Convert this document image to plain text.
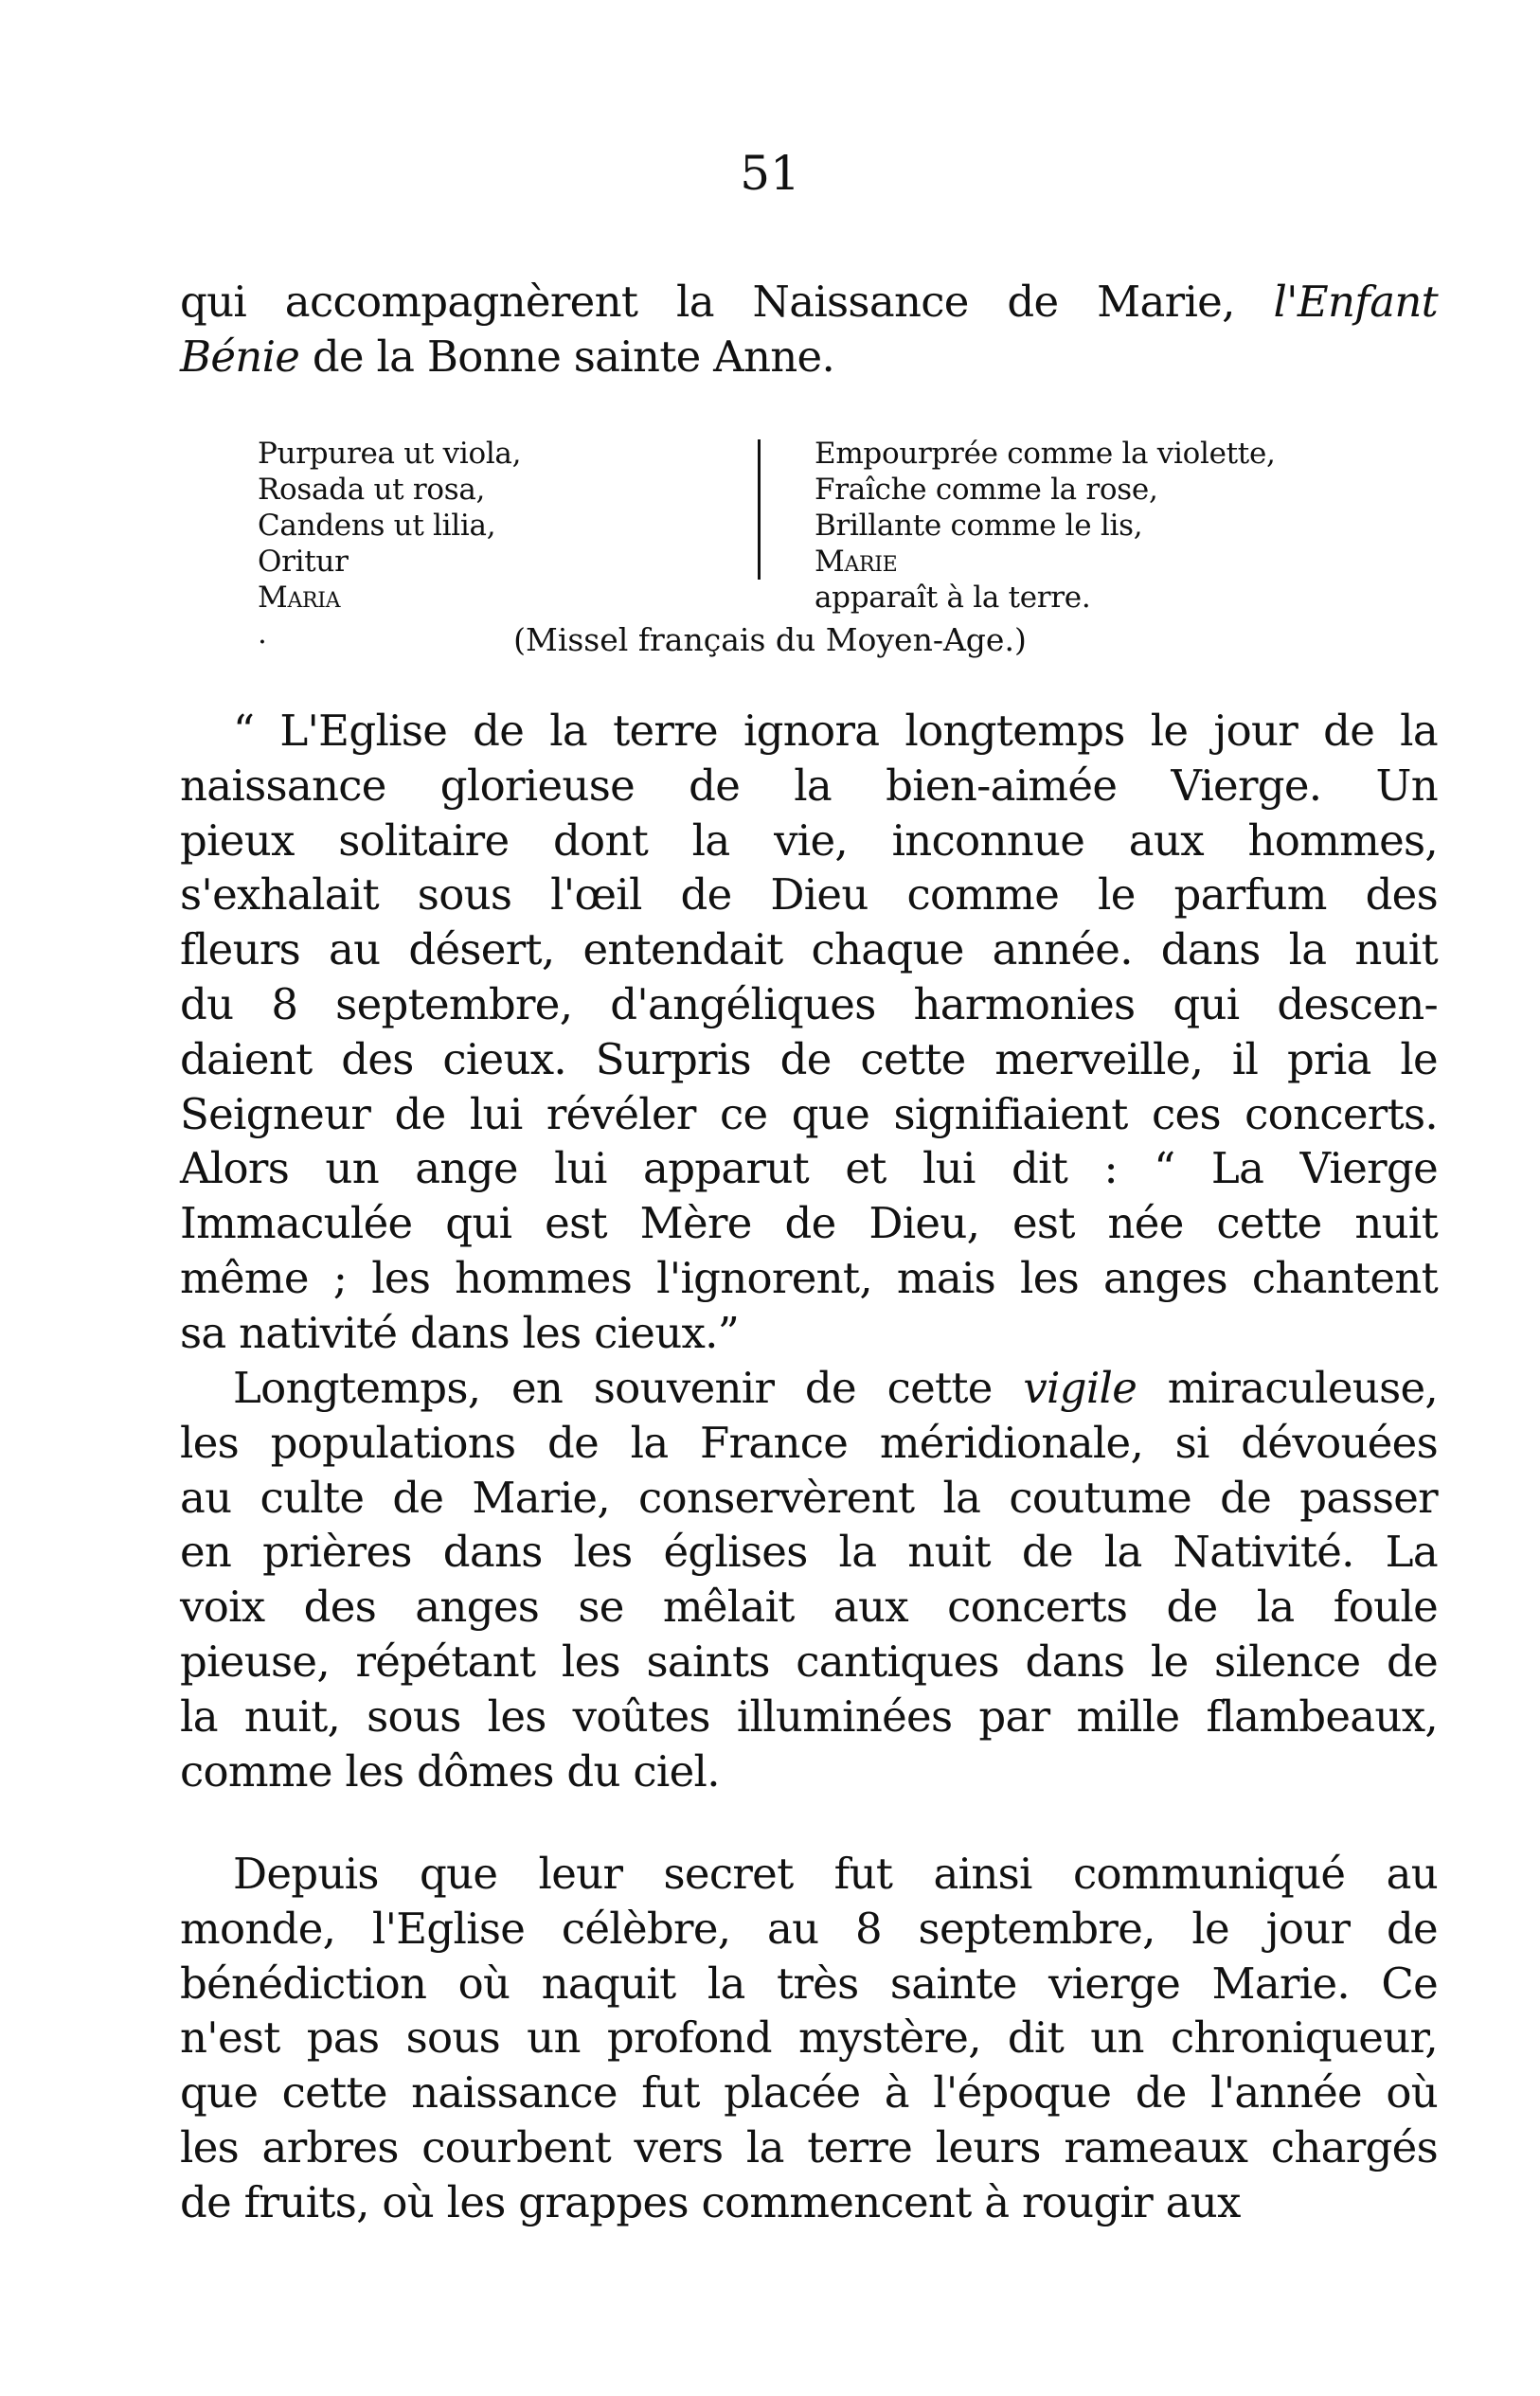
51
qui accompagnèrent la Naissance de Marie, l'Enfant
Bénie de la Bonne sainte Anne.
Purpurea ut viola,
Rosada ut rosa,
Candens ut lilia,
Oritur
Maria
.
Empourprée comme la violette,
Fraîche comme la rose,
Brillante comme le lis,
Marie
apparaît à la terre.
(Missel français du Moyen-Age.)
“ L'Eglise de la terre ignora longtemps le jour de la
naissance glorieuse de la bien-aimée Vierge. Un
pieux solitaire dont la vie, inconnue aux hommes,
s'exhalait sous l'œil de Dieu comme le parfum des
fleurs au désert, entendait chaque année. dans la nuit
du 8 septembre, d'angéliques harmonies qui descen-
daient des cieux. Surpris de cette merveille, il pria le
Seigneur de lui révéler ce que signifiaient ces concerts.
Alors un ange lui apparut et lui dit : “ La Vierge
Immaculée qui est Mère de Dieu, est née cette nuit
même ; les hommes l'ignorent, mais les anges chantent
sa nativité dans les cieux.”
Longtemps, en souvenir de cette vigile miraculeuse,
les populations de la France méridionale, si dévouées
au culte de Marie, conservèrent la coutume de passer
en prières dans les églises la nuit de la Nativité. La
voix des anges se mêlait aux concerts de la foule
pieuse, répétant les saints cantiques dans le silence de
la nuit, sous les voûtes illuminées par mille flambeaux,
comme les dômes du ciel.
Depuis que leur secret fut ainsi communiqué au
monde, l'Eglise célèbre, au 8 septembre, le jour de
bénédiction où naquit la très sainte vierge Marie. Ce
n'est pas sous un profond mystère, dit un chroniqueur,
que cette naissance fut placée à l'époque de l'année où
les arbres courbent vers la terre leurs rameaux chargés
de fruits, où les grappes commencent à rougir aux
